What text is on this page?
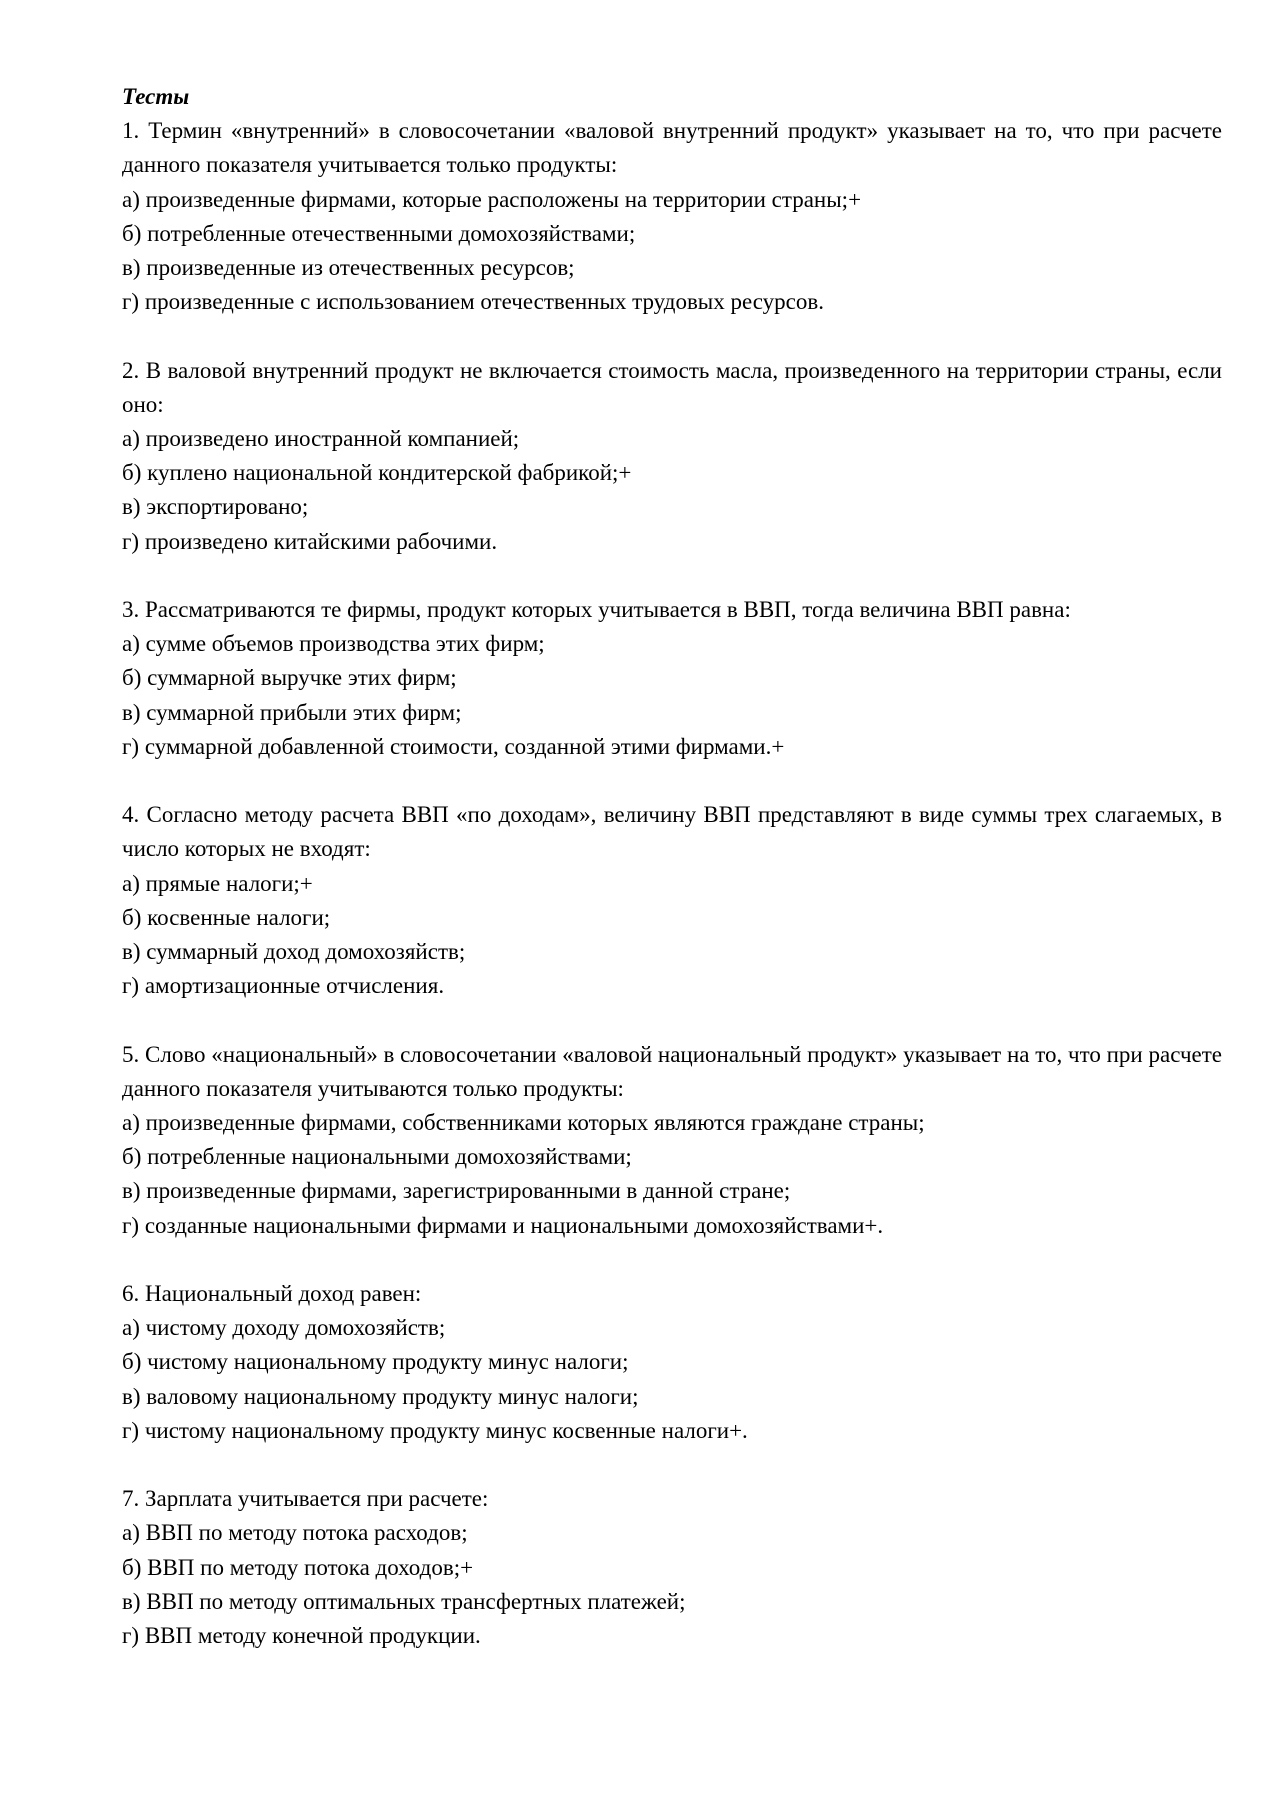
Тесты

1. Термин «внутренний» в словосочетании «валовой внутренний продукт» указывает на то, что при расчете данного показателя учитывается только продукты:

а) произведенные фирмами, которые расположены на территории страны;+

б) потребленные отечественными домохозяйствами;

в) произведенные из отечественных ресурсов;

г) произведенные с использованием отечественных трудовых ресурсов.

2. В валовой внутренний продукт не включается стоимость масла, произведенного на территории страны, если оно:

а) произведено иностранной компанией;

б) куплено национальной кондитерской фабрикой;+

в) экспортировано;

г) произведено китайскими рабочими.

3. Рассматриваются те фирмы, продукт которых учитывается в ВВП, тогда величина ВВП равна:

а) сумме объемов производства этих фирм;

б) суммарной выручке этих фирм;

в) суммарной прибыли этих фирм;

г) суммарной добавленной стоимости, созданной этими фирмами.+

4. Согласно методу расчета ВВП «по доходам», величину ВВП представляют в виде суммы трех слагаемых, в число которых не входят:

а) прямые налоги;+

б) косвенные налоги;

в) суммарный доход домохозяйств;

г) амортизационные отчисления.

5. Слово «национальный» в словосочетании «валовой национальный продукт» указывает на то, что при расчете данного показателя учитываются только продукты:

а) произведенные фирмами, собственниками которых являются граждане страны;

б) потребленные национальными домохозяйствами;

в) произведенные фирмами, зарегистрированными в данной стране;

г) созданные национальными фирмами и национальными домохозяйствами+.

6. Национальный доход равен:

а) чистому доходу домохозяйств;

б) чистому национальному продукту минус налоги;

в) валовому национальному продукту минус налоги;

г) чистому национальному продукту минус косвенные налоги+.

7. Зарплата учитывается при расчете:

а) ВВП по методу потока расходов;

б) ВВП по методу потока доходов;+

в) ВВП по методу оптимальных трансфертных платежей;

г) ВВП методу конечной продукции.
